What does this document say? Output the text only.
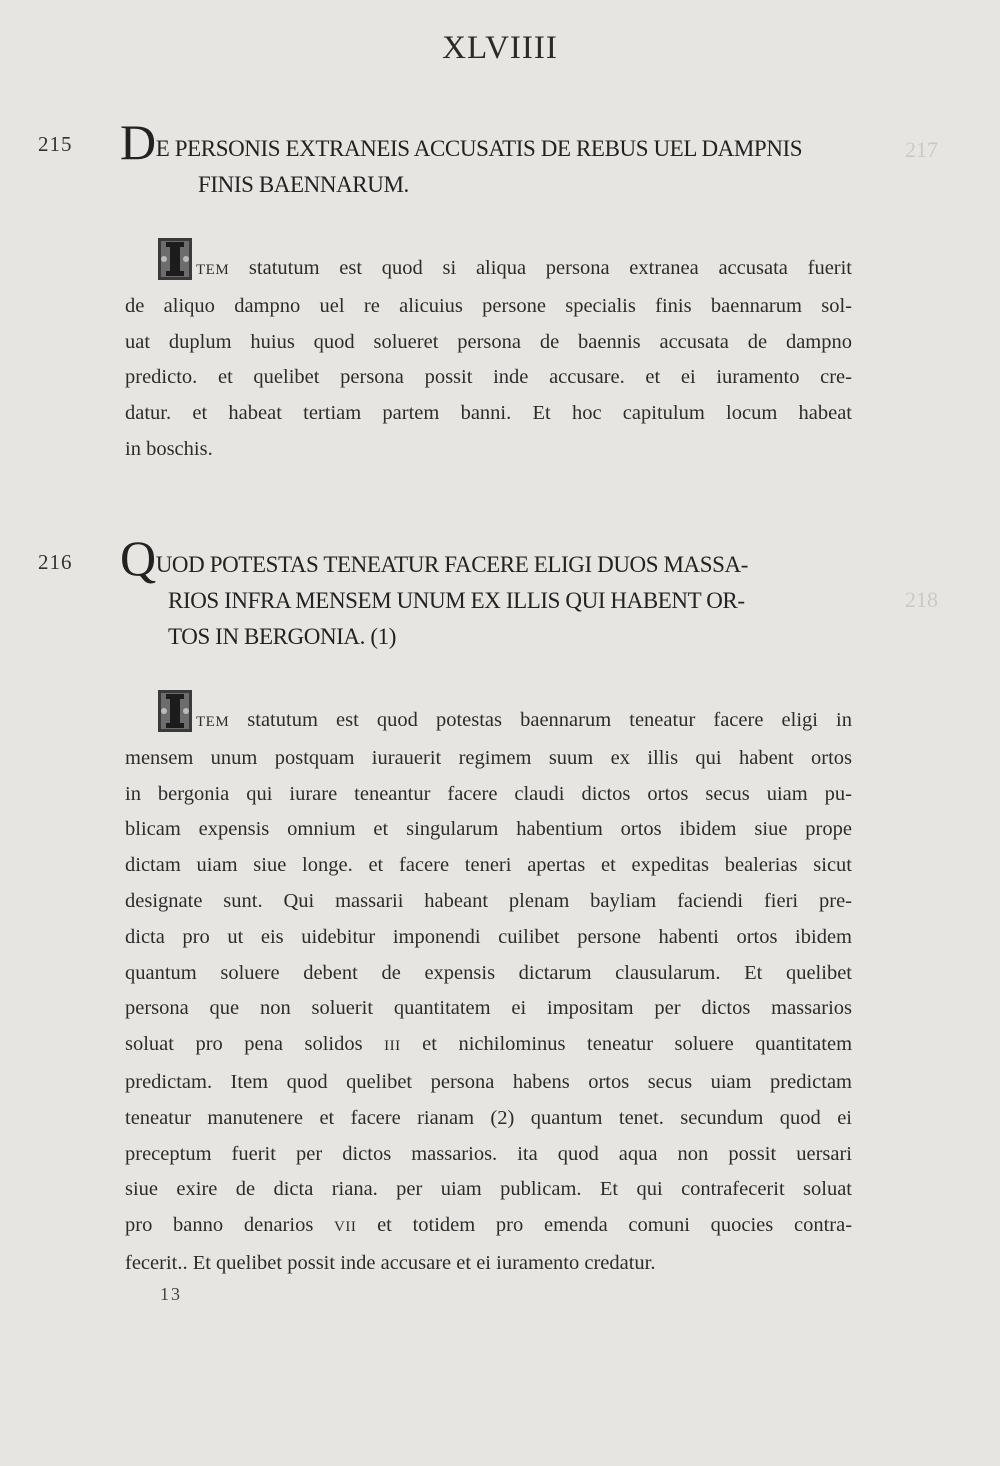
217
218
XLVIIII
215 DE PERSONIS EXTRANEIS ACCUSATIS DE REBUS UEL DAMPNIS
FINIS BAENNARUM.
TEM statutum est quod si aliqua persona extranea accusata fuerit
de aliquo dampno uel re alicuius persone specialis finis baennarum sol-
uat duplum huius quod solueret persona de baennis accusata de dampno
predicto. et quelibet persona possit inde accusare. et ei iuramento cre-
datur. et habeat tertiam partem banni. Et hoc capitulum locum habeat
in boschis.
216 QUOD POTESTAS TENEATUR FACERE ELIGI DUOS MASSA-
RIOS INFRA MENSEM UNUM EX ILLIS QUI HABENT OR-
TOS IN BERGONIA. (1)
TEM statutum est quod potestas baennarum teneatur facere eligi in
mensem unum postquam iurauerit regimem suum ex illis qui habent ortos
in bergonia qui iurare teneantur facere claudi dictos ortos secus uiam pu-
blicam expensis omnium et singularum habentium ortos ibidem siue prope
dictam uiam siue longe. et facere teneri apertas et expeditas bealerias sicut
designate sunt. Qui massarii habeant plenam bayliam faciendi fieri pre-
dicta pro ut eis uidebitur imponendi cuilibet persone habenti ortos ibidem
quantum soluere debent de expensis dictarum clausularum. Et quelibet
persona que non soluerit quantitatem ei impositam per dictos massarios
soluat pro pena solidos III et nichilominus teneatur soluere quantitatem
predictam. Item quod quelibet persona habens ortos secus uiam predictam
teneatur manutenere et facere rianam (2) quantum tenet. secundum quod ei
preceptum fuerit per dictos massarios. ita quod aqua non possit uersari
siue exire de dicta riana. per uiam publicam. Et qui contrafecerit soluat
pro banno denarios VII et totidem pro emenda comuni quocies contra-
fecerit.. Et quelibet possit inde accusare et ei iuramento credatur.
13
